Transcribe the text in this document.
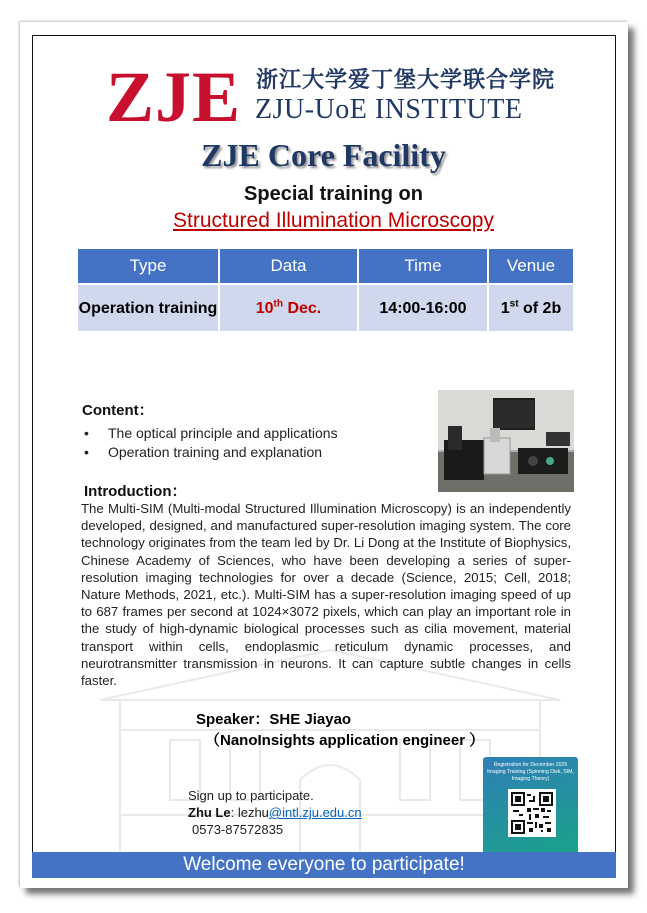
ZJE 浙江大学爱丁堡大学联合学院
ZJU-UoE INSTITUTE
ZJE Core Facility
Special training on
Structured Illumination Microscopy
Type	Data	Time	Venue
Operation training	10th Dec.	14:00-16:00	1st of 2b
Content：
• The optical principle and applications
• Operation training and explanation
Introduction：
The Multi-SIM (Multi-modal Structured Illumination Microscopy) is an independently developed, designed, and manufactured super-resolution imaging system. The core technology originates from the team led by Dr. Li Dong at the Institute of Biophysics, Chinese Academy of Sciences, who have been developing a series of super-resolution imaging technologies for over a decade (Science, 2015; Cell, 2018; Nature Methods, 2021, etc.). Multi-SIM has a super-resolution imaging speed of up to 687 frames per second at 1024×3072 pixels, which can play an important role in the study of high-dynamic biological processes such as cilia movement, material transport within cells, endoplasmic reticulum dynamic processes, and neurotransmitter transmission in neurons. It can capture subtle changes in cells faster.
Speaker：SHE Jiayao
（NanoInsights application engineer ）
Sign up to participate.
Zhu Le: lezhu@intl.zju.edu.cn
0573-87572835
Registration for December 2025 Imaging Training (Spinning Disk, SIM, Imaging Theory)
Welcome everyone to participate!
